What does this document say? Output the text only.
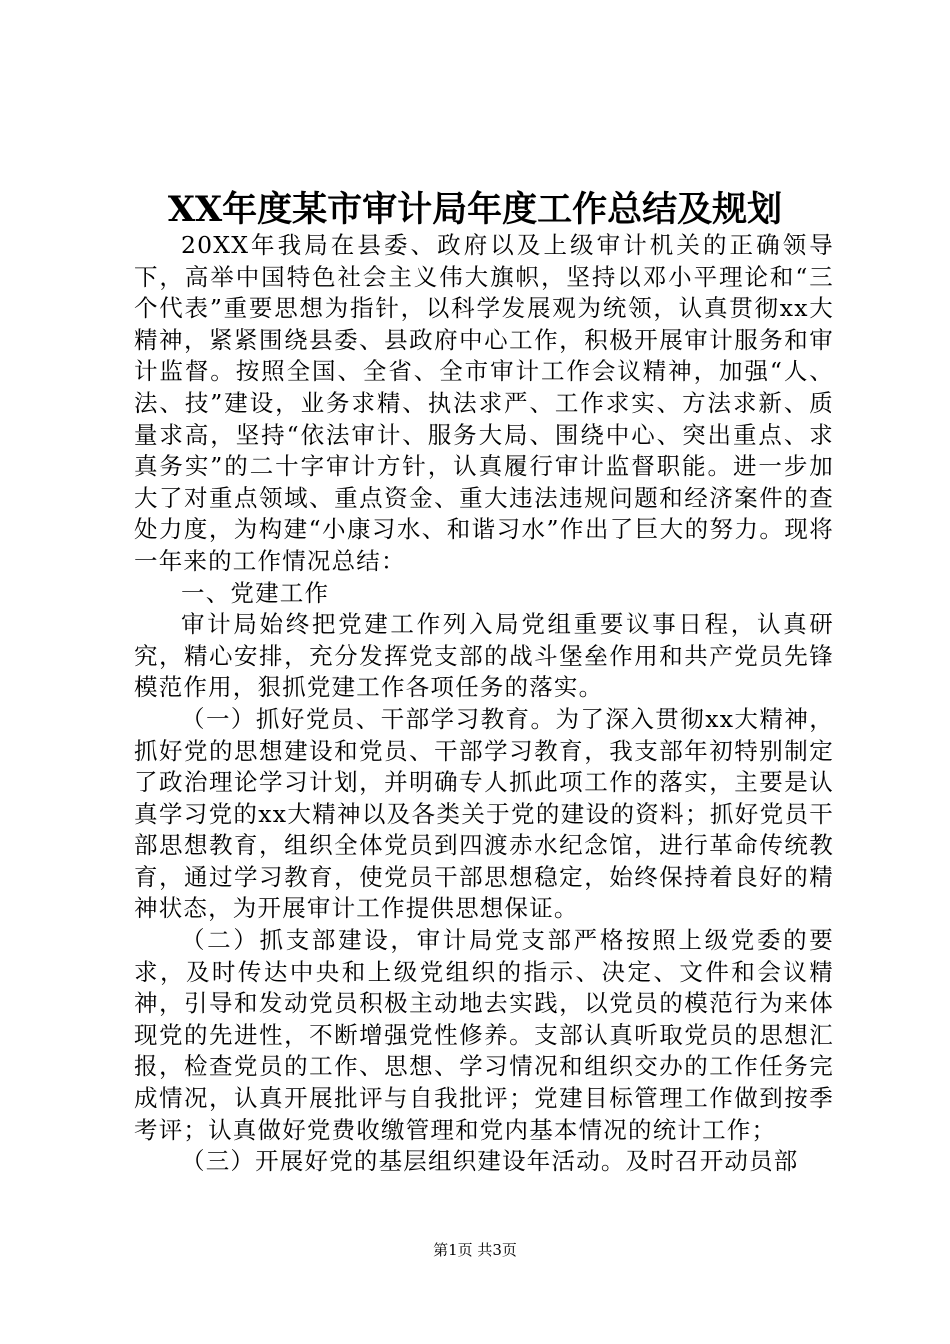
XX年度某市审计局年度工作总结及规划

20XX年我局在县委、政府以及上级审计机关的正确领导下，高举中国特色社会主义伟大旗帜，坚持以邓小平理论和“三个代表”重要思想为指针，以科学发展观为统领，认真贯彻xx大精神，紧紧围绕县委、县政府中心工作，积极开展审计服务和审计监督。按照全国、全省、全市审计工作会议精神，加强“人、法、技”建设，业务求精、执法求严、工作求实、方法求新、质量求高，坚持“依法审计、服务大局、围绕中心、突出重点、求真务实”的二十字审计方针，认真履行审计监督职能。进一步加大了对重点领域、重点资金、重大违法违规问题和经济案件的查处力度，为构建“小康习水、和谐习水”作出了巨大的努力。现将一年来的工作情况总结：

一、党建工作

审计局始终把党建工作列入局党组重要议事日程，认真研究，精心安排，充分发挥党支部的战斗堡垒作用和共产党员先锋模范作用，狠抓党建工作各项任务的落实。

（一）抓好党员、干部学习教育。为了深入贯彻xx大精神，抓好党的思想建设和党员、干部学习教育，我支部年初特别制定了政治理论学习计划，并明确专人抓此项工作的落实，主要是认真学习党的xx大精神以及各类关于党的建设的资料；抓好党员干部思想教育，组织全体党员到四渡赤水纪念馆，进行革命传统教育，通过学习教育，使党员干部思想稳定，始终保持着良好的精神状态，为开展审计工作提供思想保证。

（二）抓支部建设，审计局党支部严格按照上级党委的要求，及时传达中央和上级党组织的指示、决定、文件和会议精神，引导和发动党员积极主动地去实践，以党员的模范行为来体现党的先进性，不断增强党性修养。支部认真听取党员的思想汇报，检查党员的工作、思想、学习情况和组织交办的工作任务完成情况，认真开展批评与自我批评；党建目标管理工作做到按季考评；认真做好党费收缴管理和党内基本情况的统计工作；

（三）开展好党的基层组织建设年活动。及时召开动员部

第1页 共3页
